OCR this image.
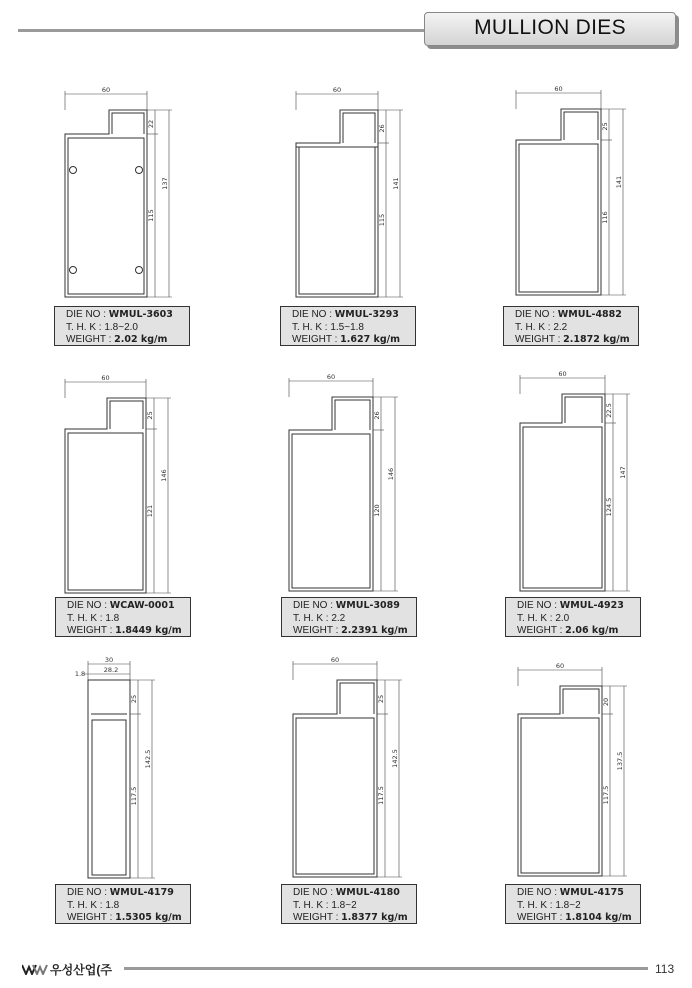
MULLION DIES
60
22
115
137
DIE NO : WMUL-3603
T. H. K : 1.8~2.0
WEIGHT : 2.02 kg/m
60
26
115
141
DIE NO : WMUL-3293
T. H. K : 1.5~1.8
WEIGHT : 1.627 kg/m
60
25
116
141
DIE NO : WMUL-4882
T. H. K : 2.2
WEIGHT : 2.1872 kg/m
60
25
121
146
DIE NO : WCAW-0001
T. H. K : 1.8
WEIGHT : 1.8449 kg/m
60
26
120
146
DIE NO : WMUL-3089
T. H. K : 2.2
WEIGHT : 2.2391 kg/m
60
22.5
124.5
147
DIE NO : WMUL-4923
T. H. K : 2.0
WEIGHT : 2.06 kg/m
30
25
117.5
142.5
1.8	28.2
DIE NO : WMUL-4179
T. H. K : 1.8
WEIGHT : 1.5305 kg/m
60
25
117.5
142.5
DIE NO : WMUL-4180
T. H. K : 1.8~2
WEIGHT : 1.8377 kg/m
60
20
117.5
137.5
DIE NO : WMUL-4175
T. H. K : 1.8~2
WEIGHT : 1.8104 kg/m
우성산업(주	113
